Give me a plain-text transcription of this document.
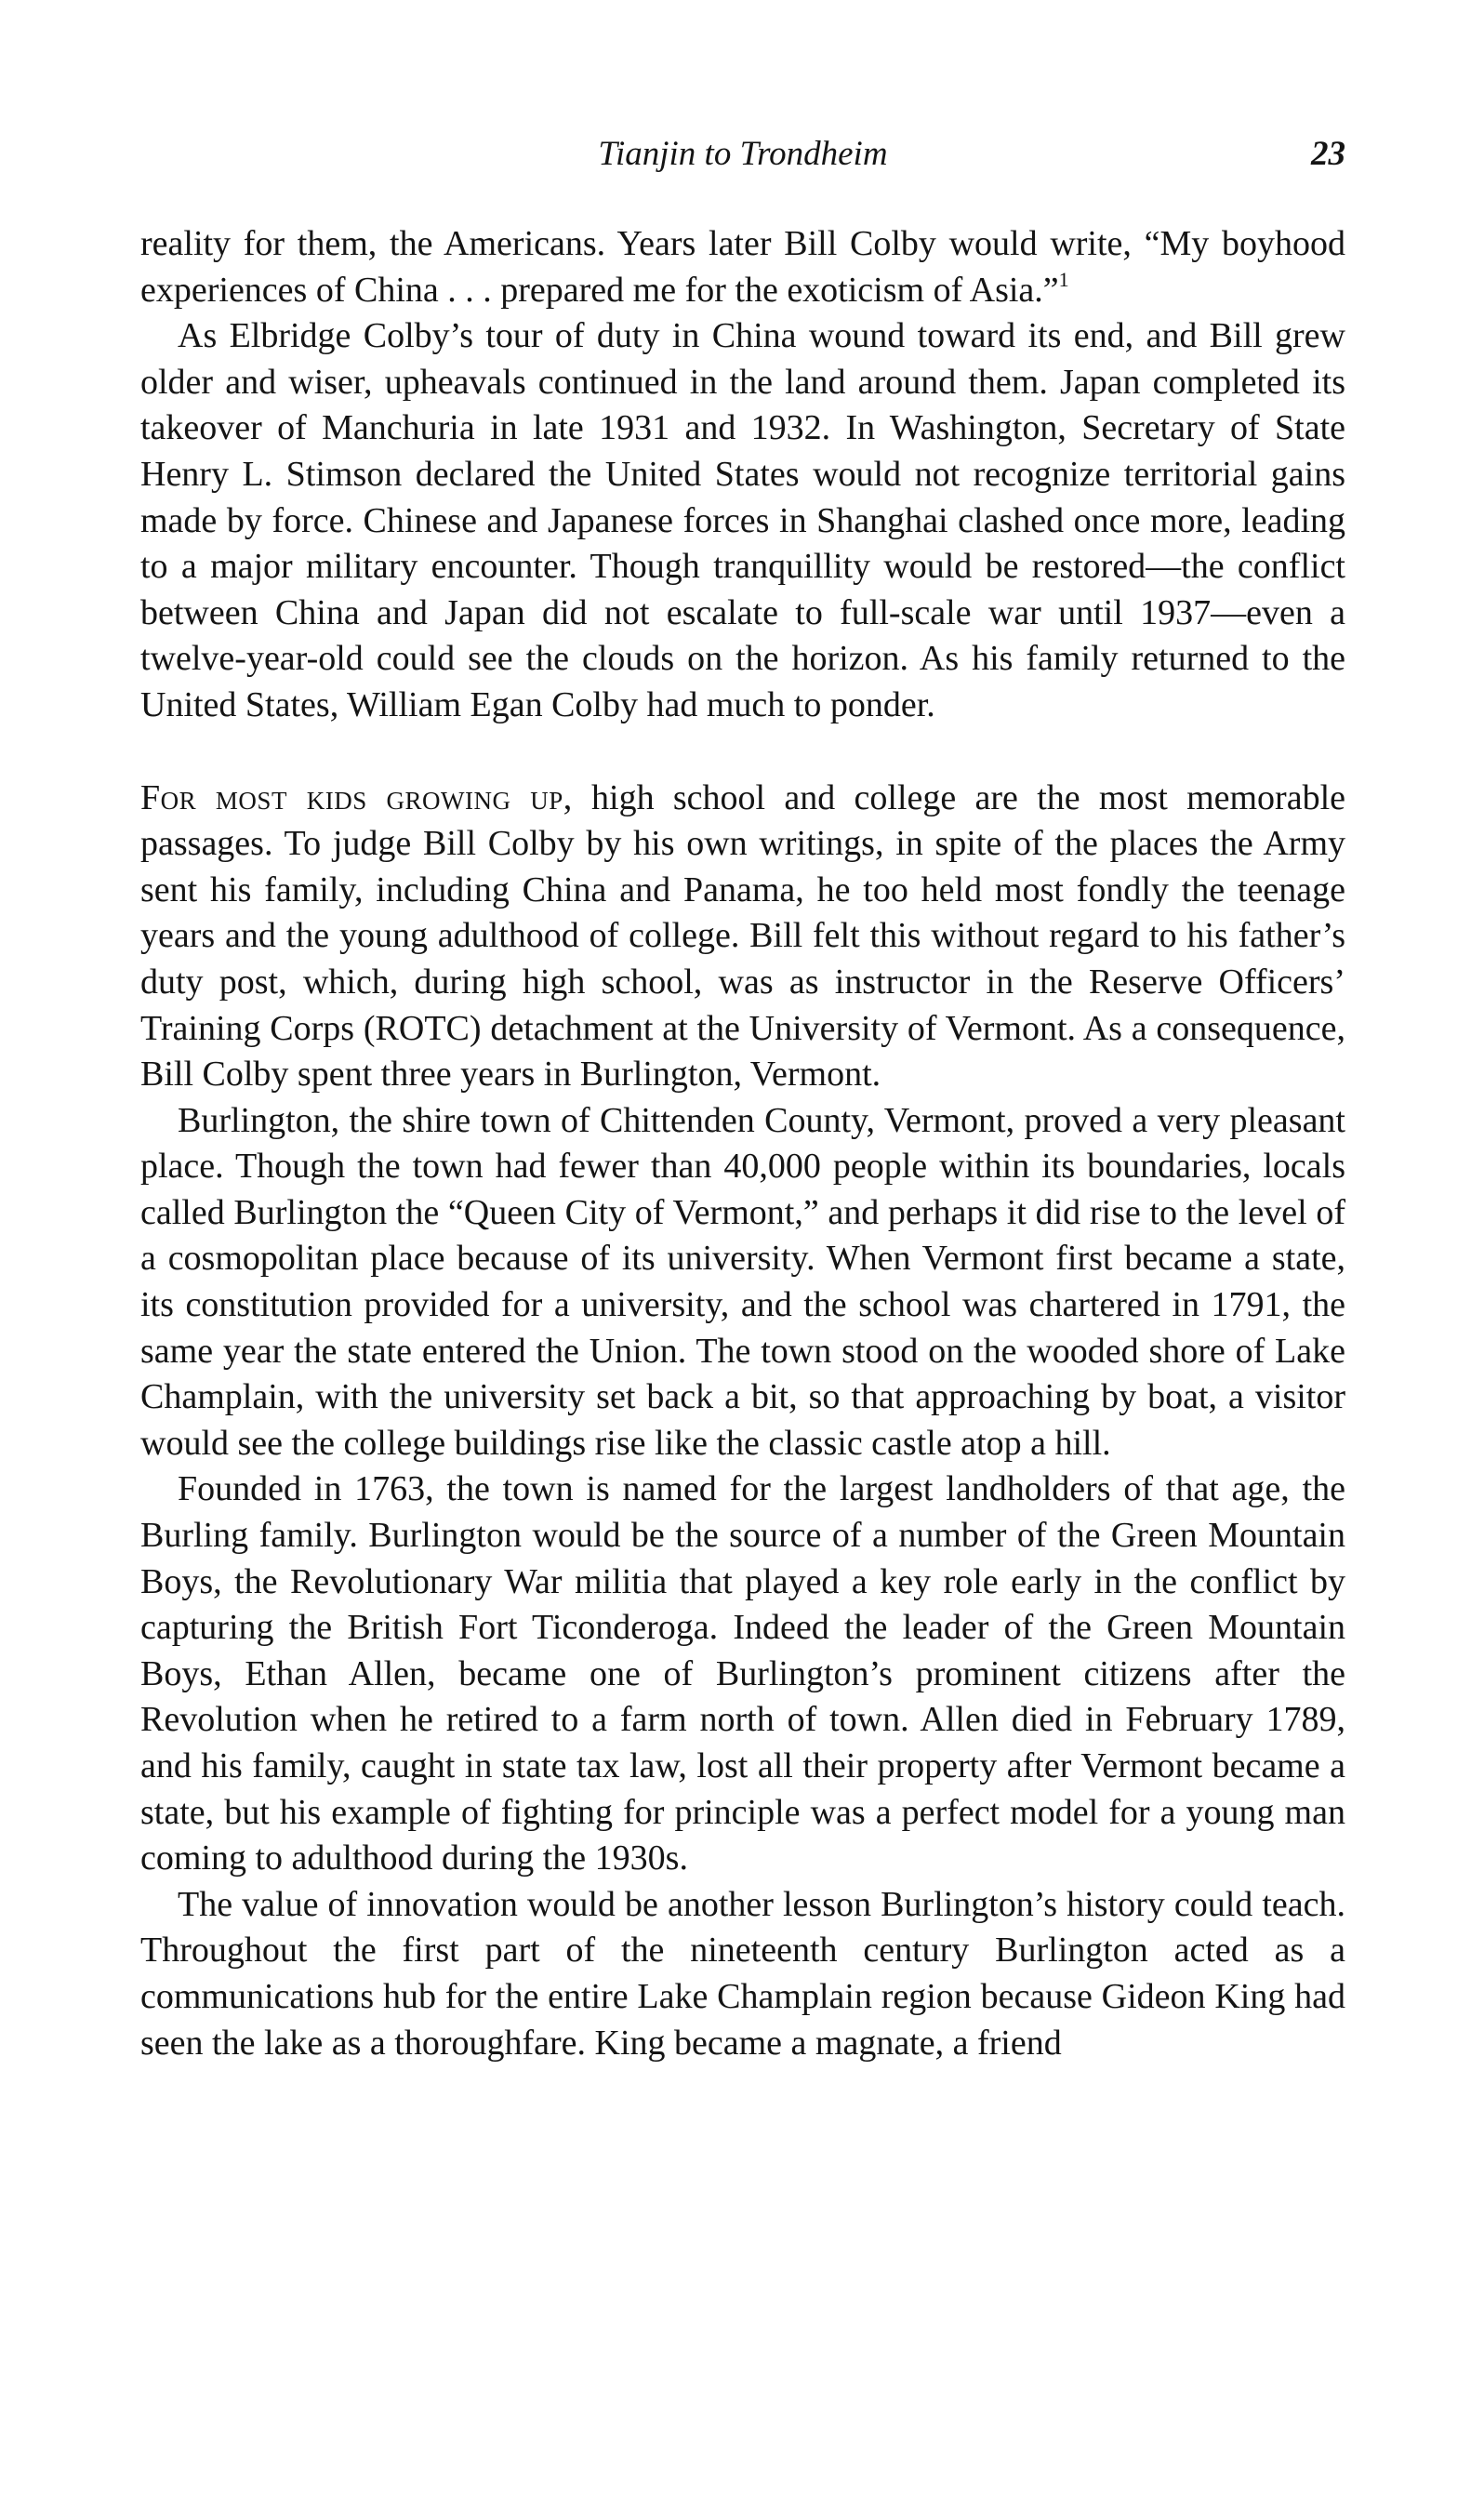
Tianjin to Trondheim	23

reality for them, the Americans. Years later Bill Colby would write, “My boyhood experiences of China . . . prepared me for the exoticism of Asia.”$^1$

As Elbridge Colby’s tour of duty in China wound toward its end, and Bill grew older and wiser, upheavals continued in the land around them. Japan completed its takeover of Manchuria in late 1931 and 1932. In Washington, Secretary of State Henry L. Stimson declared the United States would not recognize territorial gains made by force. Chinese and Japanese forces in Shanghai clashed once more, leading to a major military encounter. Though tranquillity would be restored—the conflict between China and Japan did not escalate to full-scale war until 1937—even a twelve-year-old could see the clouds on the horizon. As his family returned to the United States, William Egan Colby had much to ponder.

For most kids growing up, high school and college are the most memorable passages. To judge Bill Colby by his own writings, in spite of the places the Army sent his family, including China and Panama, he too held most fondly the teenage years and the young adulthood of college. Bill felt this without regard to his father’s duty post, which, during high school, was as instructor in the Reserve Officers’ Training Corps (ROTC) detachment at the University of Vermont. As a consequence, Bill Colby spent three years in Burlington, Vermont.

Burlington, the shire town of Chittenden County, Vermont, proved a very pleasant place. Though the town had fewer than 40,000 people within its boundaries, locals called Burlington the “Queen City of Vermont,” and perhaps it did rise to the level of a cosmopolitan place because of its university. When Vermont first became a state, its constitution provided for a university, and the school was chartered in 1791, the same year the state entered the Union. The town stood on the wooded shore of Lake Champlain, with the university set back a bit, so that approaching by boat, a visitor would see the college buildings rise like the classic castle atop a hill.

Founded in 1763, the town is named for the largest landholders of that age, the Burling family. Burlington would be the source of a number of the Green Mountain Boys, the Revolutionary War militia that played a key role early in the conflict by capturing the British Fort Ticonderoga. Indeed the leader of the Green Mountain Boys, Ethan Allen, became one of Burlington’s prominent citizens after the Revolution when he retired to a farm north of town. Allen died in February 1789, and his family, caught in state tax law, lost all their property after Vermont became a state, but his example of fighting for principle was a perfect model for a young man coming to adulthood during the 1930s.

The value of innovation would be another lesson Burlington’s history could teach. Throughout the first part of the nineteenth century Burlington acted as a communications hub for the entire Lake Champlain region because Gideon King had seen the lake as a thoroughfare. King became a magnate, a friend
